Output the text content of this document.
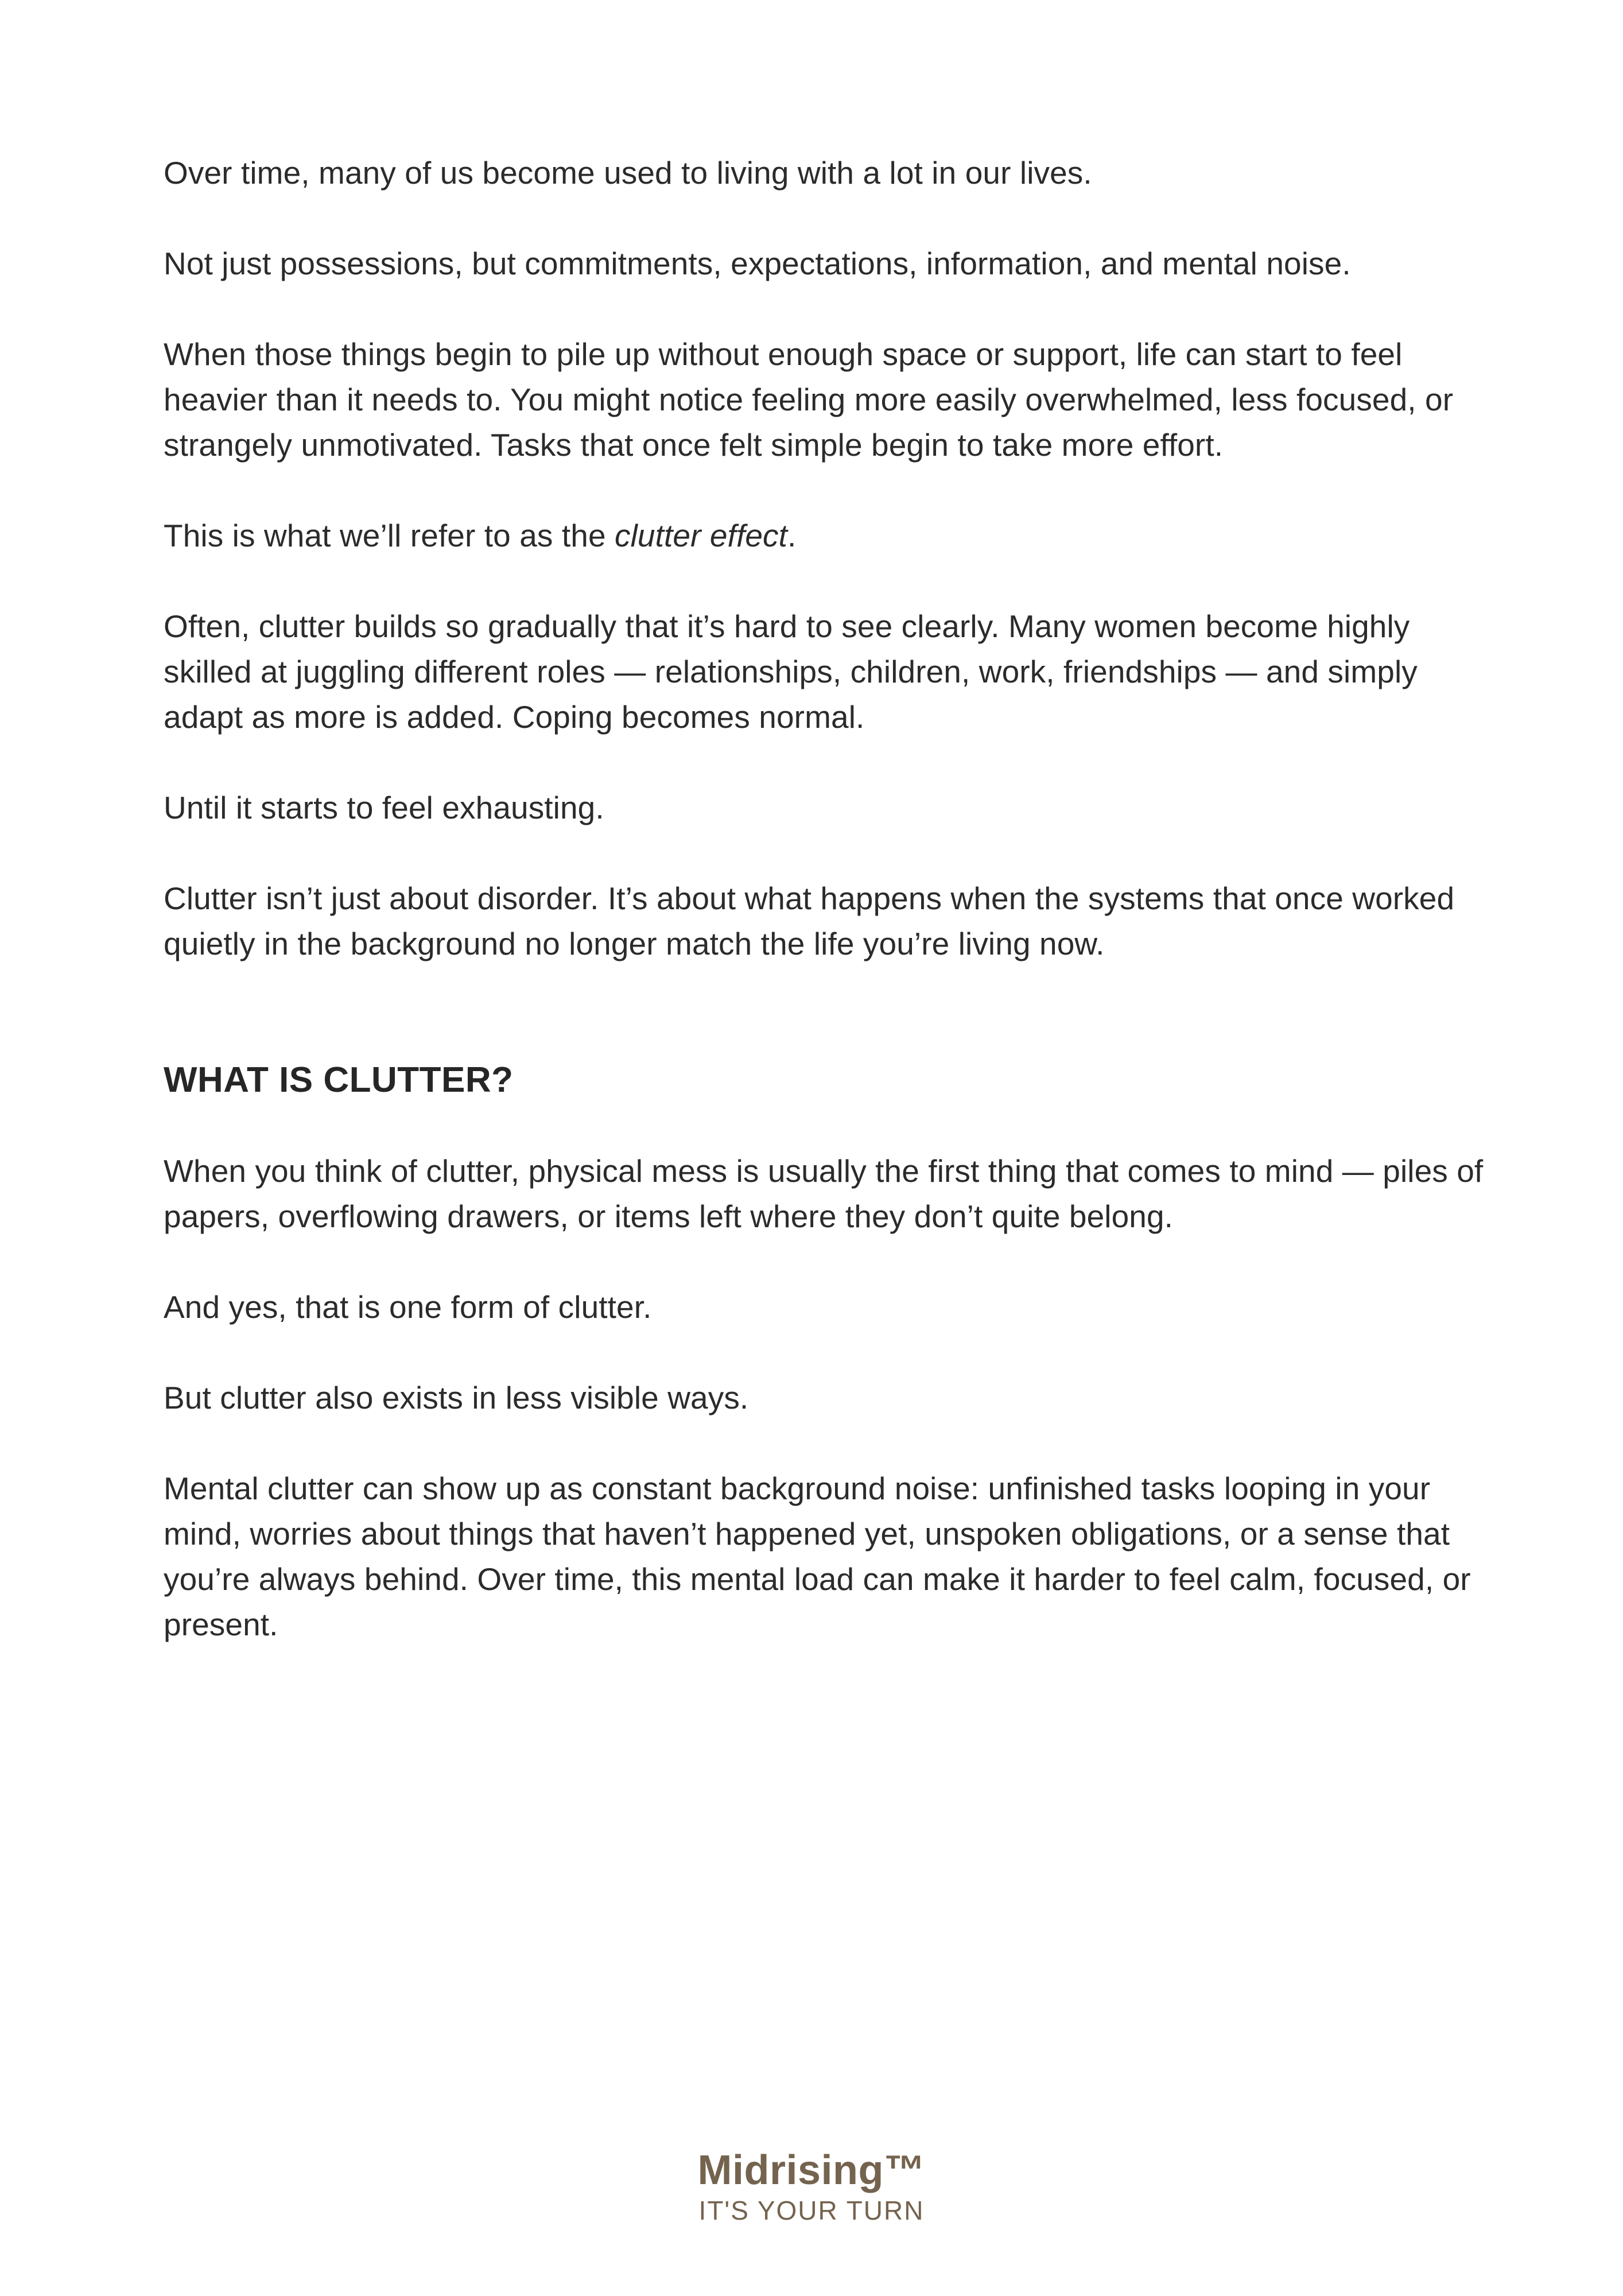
Over time, many of us become used to living with a lot in our lives.

Not just possessions, but commitments, expectations, information, and mental noise.

When those things begin to pile up without enough space or support, life can start to feel heavier than it needs to. You might notice feeling more easily overwhelmed, less focused, or strangely unmotivated. Tasks that once felt simple begin to take more effort.

This is what we’ll refer to as the clutter effect.

Often, clutter builds so gradually that it’s hard to see clearly. Many women become highly skilled at juggling different roles — relationships, children, work, friendships — and simply adapt as more is added. Coping becomes normal.

Until it starts to feel exhausting.

Clutter isn’t just about disorder. It’s about what happens when the systems that once worked quietly in the background no longer match the life you’re living now.

WHAT IS CLUTTER?

When you think of clutter, physical mess is usually the first thing that comes to mind — piles of papers, overflowing drawers, or items left where they don’t quite belong.

And yes, that is one form of clutter.

But clutter also exists in less visible ways.

Mental clutter can show up as constant background noise: unfinished tasks looping in your mind, worries about things that haven’t happened yet, unspoken obligations, or a sense that you’re always behind. Over time, this mental load can make it harder to feel calm, focused, or present.

Midrising™
IT'S YOUR TURN
